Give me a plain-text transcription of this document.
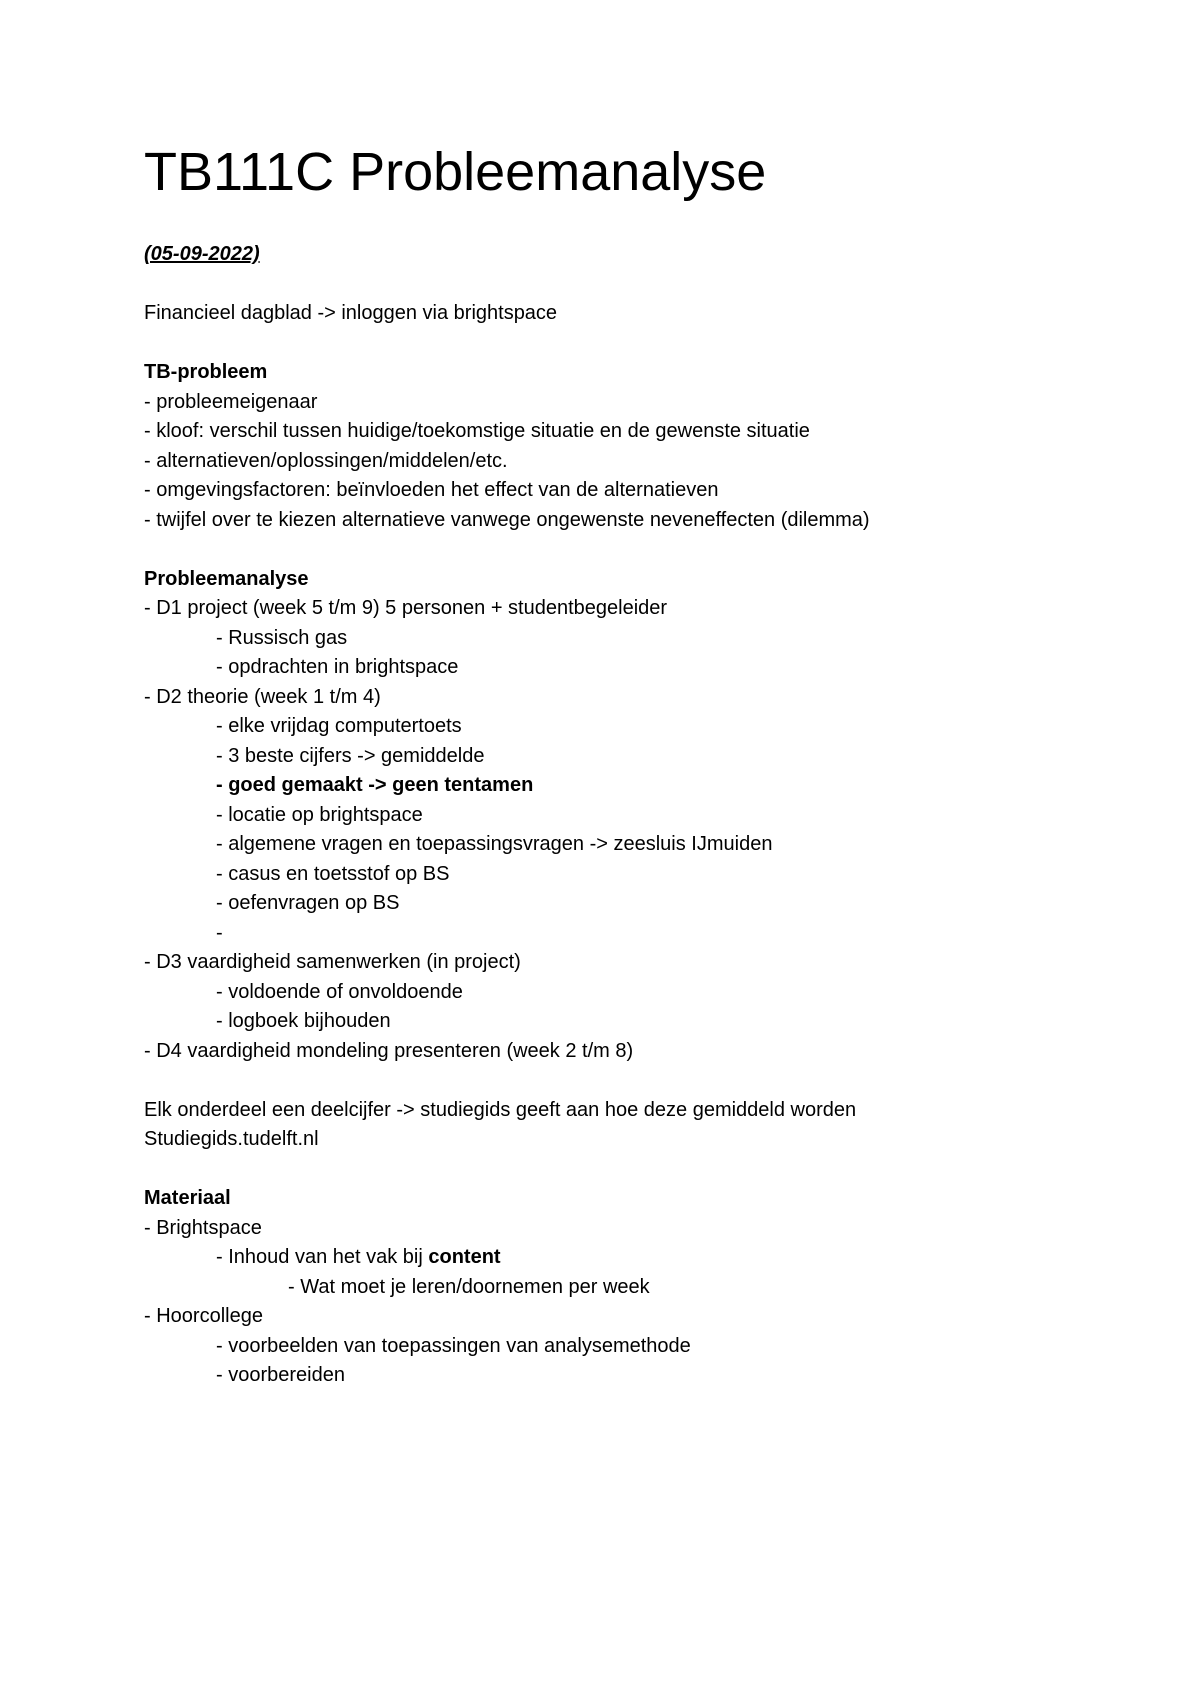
TB111C Probleemanalyse
(05-09-2022)
Financieel dagblad -> inloggen via brightspace
TB-probleem
- probleemeigenaar
- kloof: verschil tussen huidige/toekomstige situatie en de gewenste situatie
- alternatieven/oplossingen/middelen/etc.
- omgevingsfactoren: beïnvloeden het effect van de alternatieven
- twijfel over te kiezen alternatieve vanwege ongewenste neveneffecten (dilemma)
Probleemanalyse
- D1 project (week 5 t/m 9) 5 personen + studentbegeleider
- Russisch gas
- opdrachten in brightspace
- D2 theorie (week 1 t/m 4)
- elke vrijdag computertoets
- 3 beste cijfers -> gemiddelde
- goed gemaakt -> geen tentamen
- locatie op brightspace
- algemene vragen en toepassingsvragen -> zeesluis IJmuiden
- casus en toetsstof op BS
- oefenvragen op BS
-
- D3 vaardigheid samenwerken (in project)
- voldoende of onvoldoende
- logboek bijhouden
- D4 vaardigheid mondeling presenteren (week 2 t/m 8)
Elk onderdeel een deelcijfer -> studiegids geeft aan hoe deze gemiddeld worden
Studiegids.tudelft.nl
Materiaal
- Brightspace
- Inhoud van het vak bij content
- Wat moet je leren/doornemen per week
- Hoorcollege
- voorbeelden van toepassingen van analysemethode
- voorbereiden
